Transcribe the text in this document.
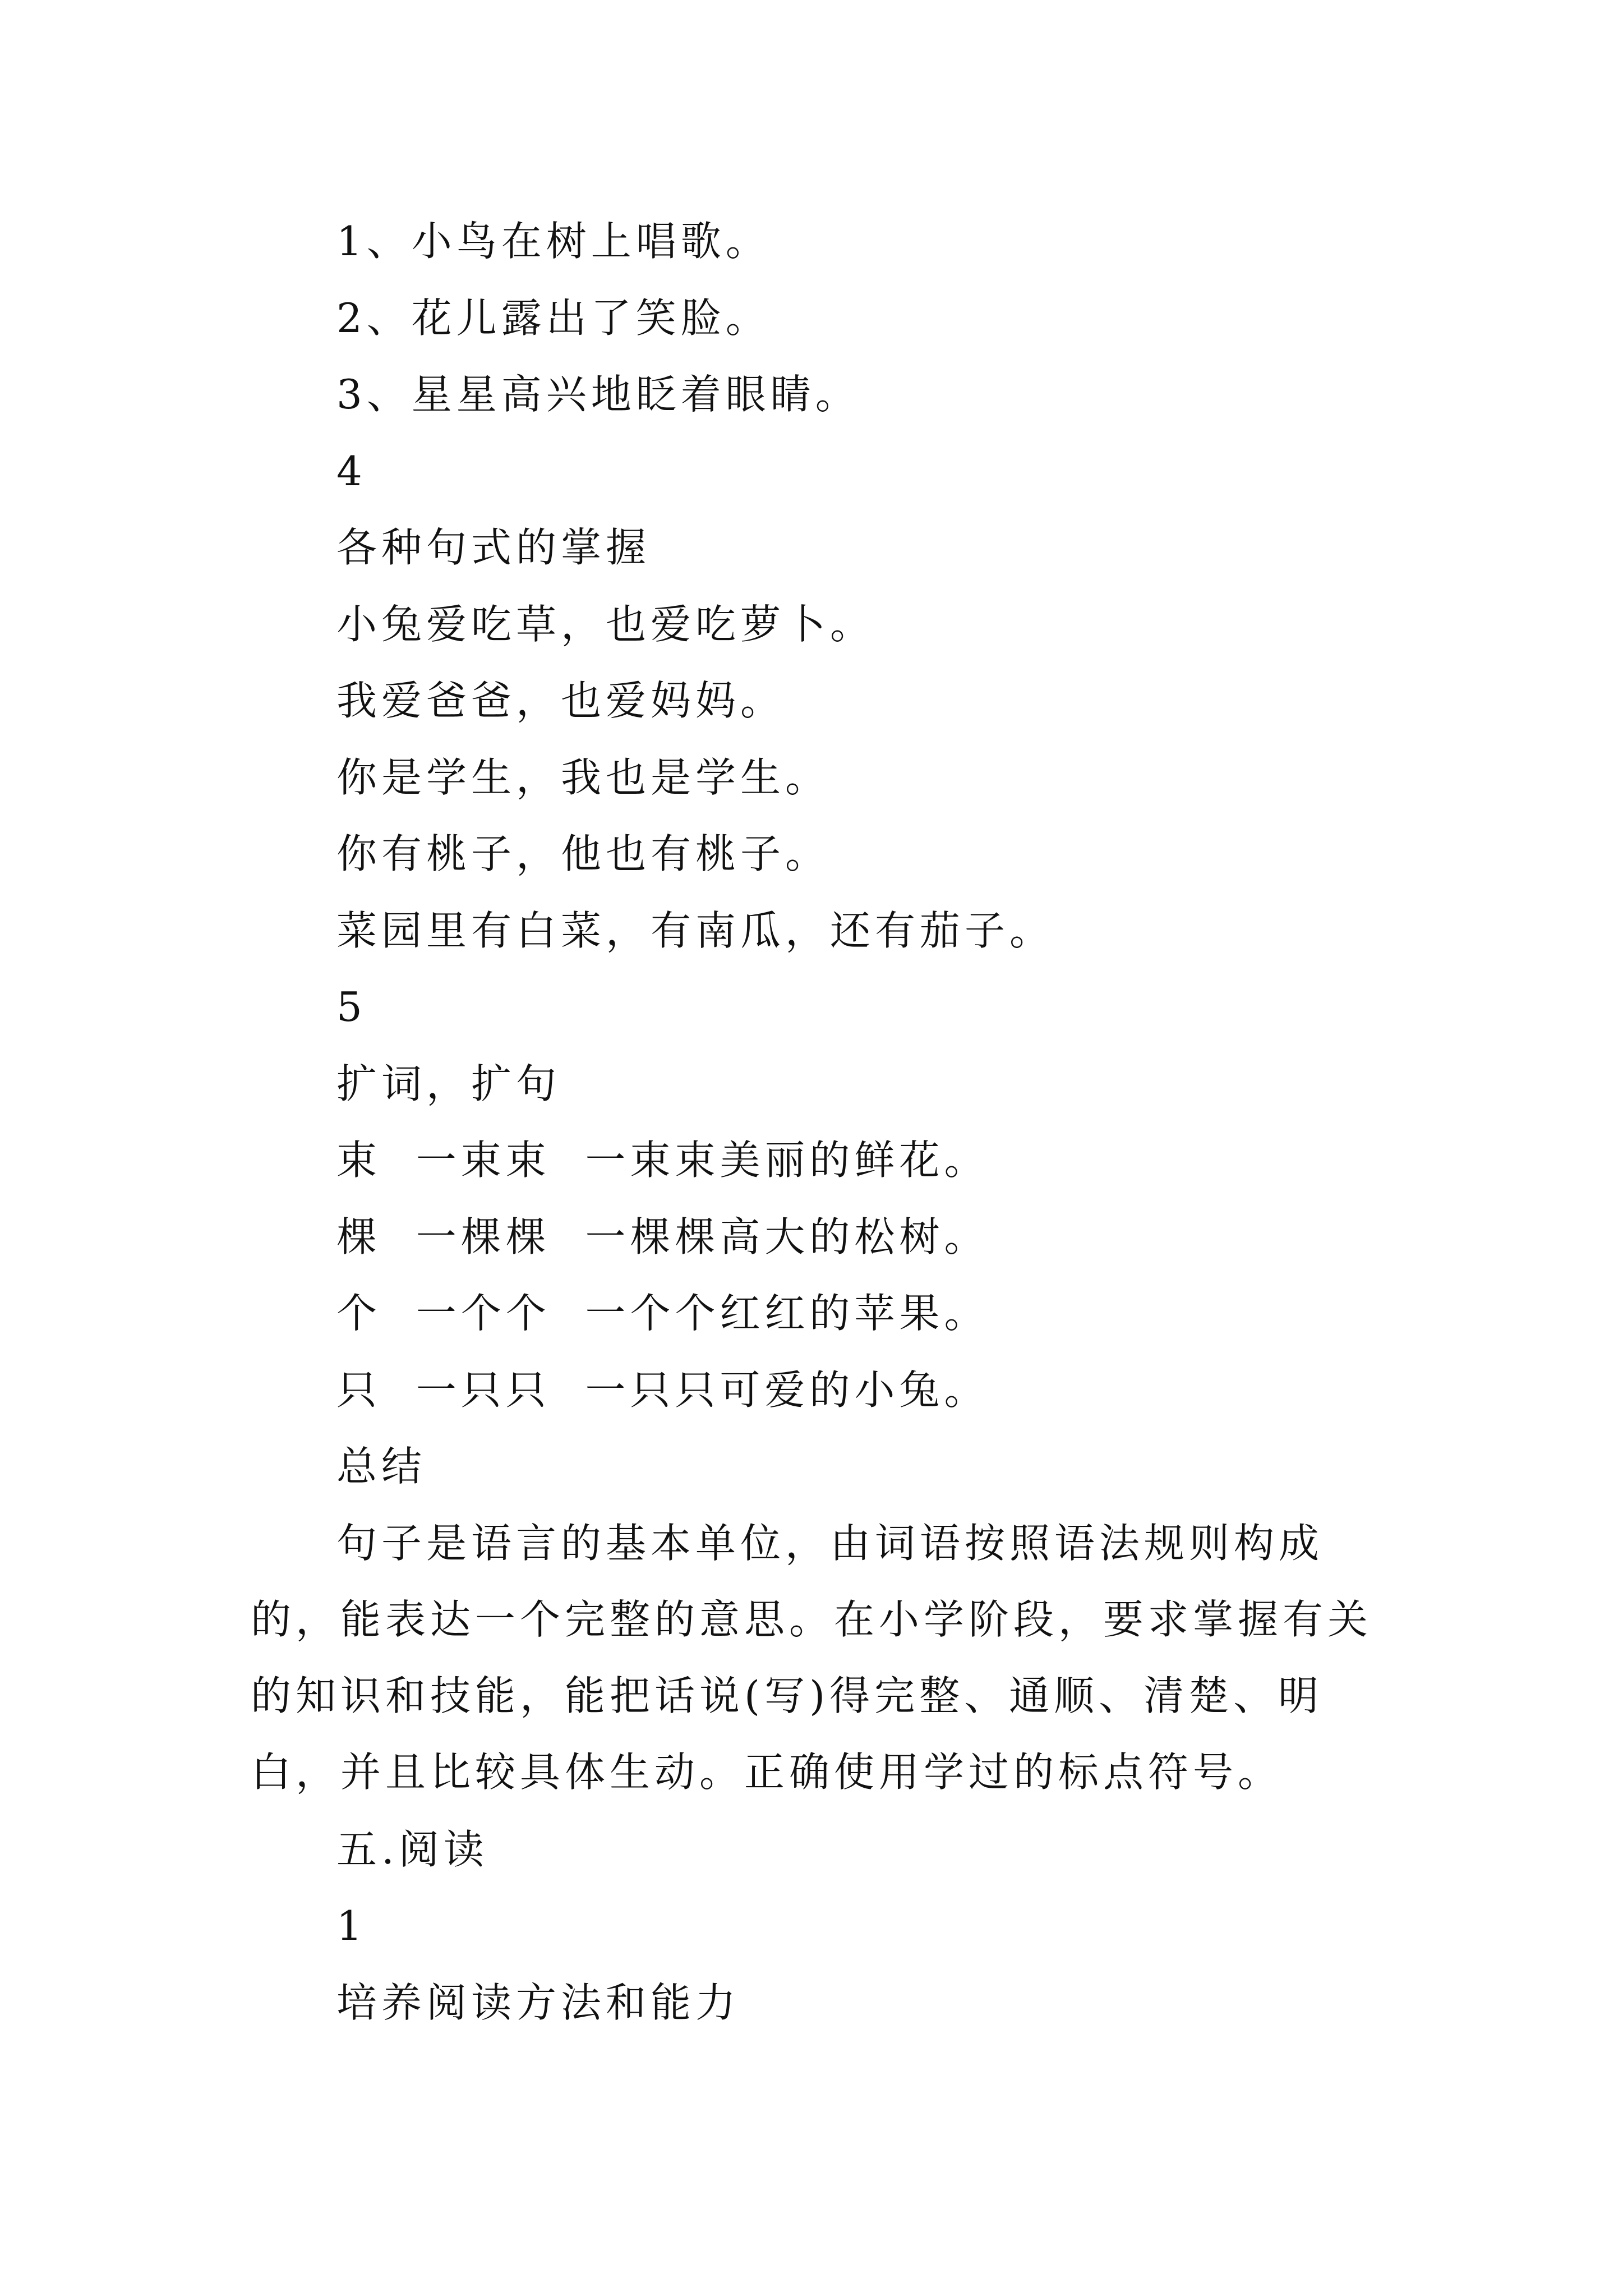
1、小鸟在树上唱歌。
2、花儿露出了笑脸。
3、星星高兴地眨着眼睛。
4
各种句式的掌握
小兔爱吃草，也爱吃萝卜。
我爱爸爸，也爱妈妈。
你是学生，我也是学生。
你有桃子，他也有桃子。
菜园里有白菜，有南瓜，还有茄子。
5
扩词，扩句
束  一束束  一束束美丽的鲜花。
棵  一棵棵  一棵棵高大的松树。
个  一个个  一个个红红的苹果。
只  一只只  一只只可爱的小兔。
总结
句子是语言的基本单位，由词语按照语法规则构成的，能表达一个完整的意思。在小学阶段，要求掌握有关的知识和技能，能把话说(写)得完整、通顺、清楚、明白，并且比较具体生动。正确使用学过的标点符号。
五.阅读
1
培养阅读方法和能力
